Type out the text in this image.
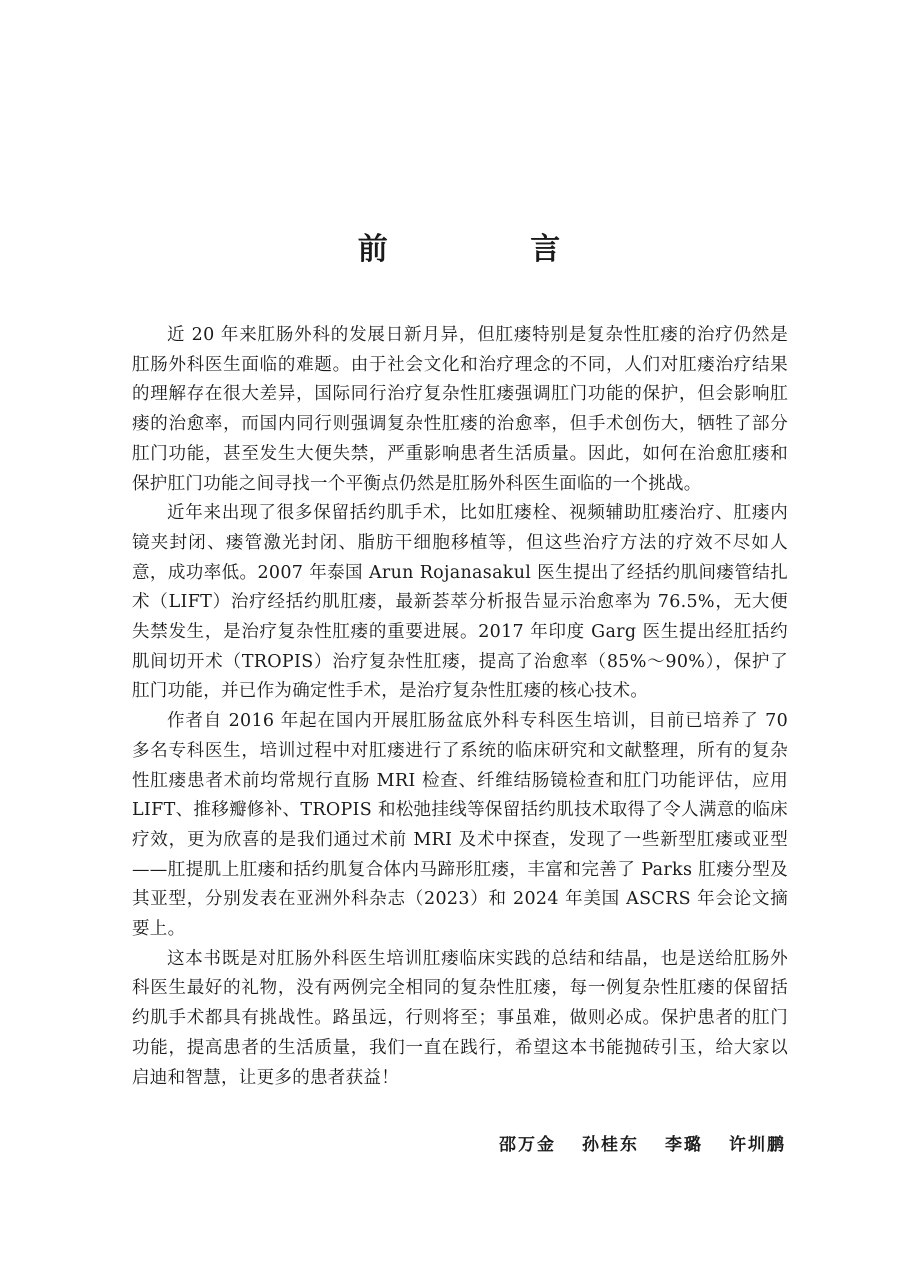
前 言

近 20 年来肛肠外科的发展日新月异，但肛瘘特别是复杂性肛瘘的治疗仍然是肛肠外科医生面临的难题。由于社会文化和治疗理念的不同，人们对肛瘘治疗结果的理解存在很大差异，国际同行治疗复杂性肛瘘强调肛门功能的保护，但会影响肛瘘的治愈率，而国内同行则强调复杂性肛瘘的治愈率，但手术创伤大，牺牲了部分肛门功能，甚至发生大便失禁，严重影响患者生活质量。因此，如何在治愈肛瘘和保护肛门功能之间寻找一个平衡点仍然是肛肠外科医生面临的一个挑战。

近年来出现了很多保留括约肌手术，比如肛瘘栓、视频辅助肛瘘治疗、肛瘘内镜夹封闭、瘘管激光封闭、脂肪干细胞移植等，但这些治疗方法的疗效不尽如人意，成功率低。2007 年泰国 Arun Rojanasakul 医生提出了经括约肌间瘘管结扎术（LIFT）治疗经括约肌肛瘘，最新荟萃分析报告显示治愈率为 76.5%，无大便失禁发生，是治疗复杂性肛瘘的重要进展。2017 年印度 Garg 医生提出经肛括约肌间切开术（TROPIS）治疗复杂性肛瘘，提高了治愈率（85%～90%），保护了肛门功能，并已作为确定性手术，是治疗复杂性肛瘘的核心技术。

作者自 2016 年起在国内开展肛肠盆底外科专科医生培训，目前已培养了 70 多名专科医生，培训过程中对肛瘘进行了系统的临床研究和文献整理，所有的复杂性肛瘘患者术前均常规行直肠 MRI 检查、纤维结肠镜检查和肛门功能评估，应用 LIFT、推移瓣修补、TROPIS 和松弛挂线等保留括约肌技术取得了令人满意的临床疗效，更为欣喜的是我们通过术前 MRI 及术中探查，发现了一些新型肛瘘或亚型——肛提肌上肛瘘和括约肌复合体内马蹄形肛瘘，丰富和完善了 Parks 肛瘘分型及其亚型，分别发表在亚洲外科杂志（2023）和 2024 年美国 ASCRS 年会论文摘要上。

这本书既是对肛肠外科医生培训肛瘘临床实践的总结和结晶，也是送给肛肠外科医生最好的礼物，没有两例完全相同的复杂性肛瘘，每一例复杂性肛瘘的保留括约肌手术都具有挑战性。路虽远，行则将至；事虽难，做则必成。保护患者的肛门功能，提高患者的生活质量，我们一直在践行，希望这本书能抛砖引玉，给大家以启迪和智慧，让更多的患者获益！

邵万金 孙桂东 李璐 许圳鹏
